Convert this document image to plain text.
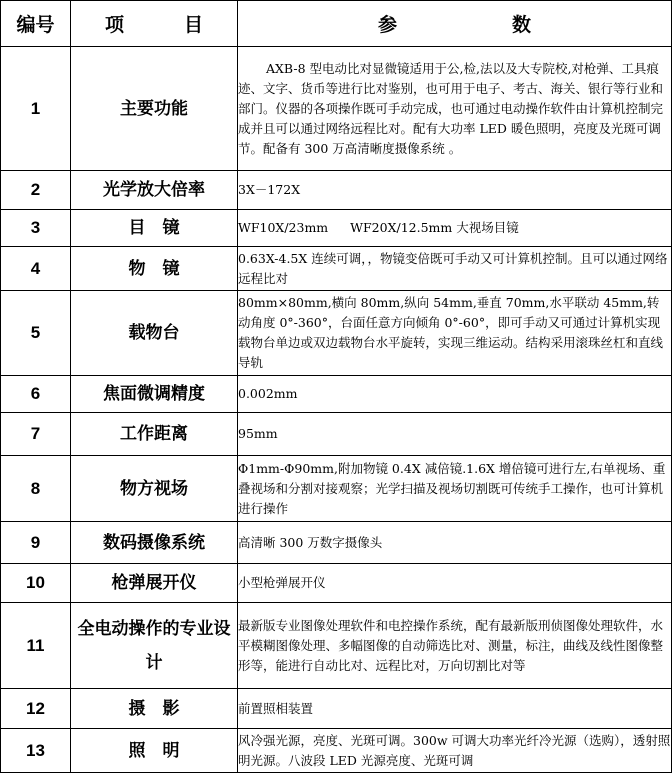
编号	项 目	参 数
1	主要功能	AXB-8 型电动比对显微镜适用于公,检,法以及大专院校,对枪弹、工具痕迹、文字、货币等进行比对鉴别，也可用于电子、考古、海关、银行等行业和部门。仪器的各项操作既可手动完成，也可通过电动操作软件由计算机控制完成并且可以通过网络远程比对。配有大功率 LED 暖色照明，亮度及光斑可调节。配备有 300 万高清晰度摄像系统 。
2	光学放大倍率	3X－172X
3	目　镜	WF10X/23mm WF20X/12.5mm 大视场目镜
4	物　镜	0.63X-4.5X 连续可调，，物镜变倍既可手动又可计算机控制。且可以通过网络远程比对
5	载物台	80mm×80mm,横向 80mm,纵向 54mm,垂直 70mm,水平联动 45mm,转动角度 0°-360°，台面任意方向倾角 0°-60°，即可手动又可通过计算机实现载物台单边或双边载物台水平旋转，实现三维运动。结构采用滚珠丝杠和直线导轨
6	焦面微调精度	0.002mm
7	工作距离	95mm
8	物方视场	Φ1mm-Φ90mm,附加物镜 0.4X 减倍镜.1.6X 增倍镜可进行左,右单视场、重叠视场和分割对接观察；光学扫描及视场切割既可传统手工操作，也可计算机进行操作
9	数码摄像系统	高清晰 300 万数字摄像头
10	枪弹展开仪	小型枪弹展开仪
11	全电动操作的专业设计	最新版专业图像处理软件和电控操作系统，配有最新版刑侦图像处理软件，水平模糊图像处理、多幅图像的自动筛选比对、测量，标注，曲线及线性图像整形等，能进行自动比对、远程比对，万向切割比对等
12	摄　影	前置照相装置
13	照　明	风冷强光源，亮度、光斑可调。300w 可调大功率光纤冷光源（选购），透射照明光源。八波段 LED 光源亮度、光斑可调
